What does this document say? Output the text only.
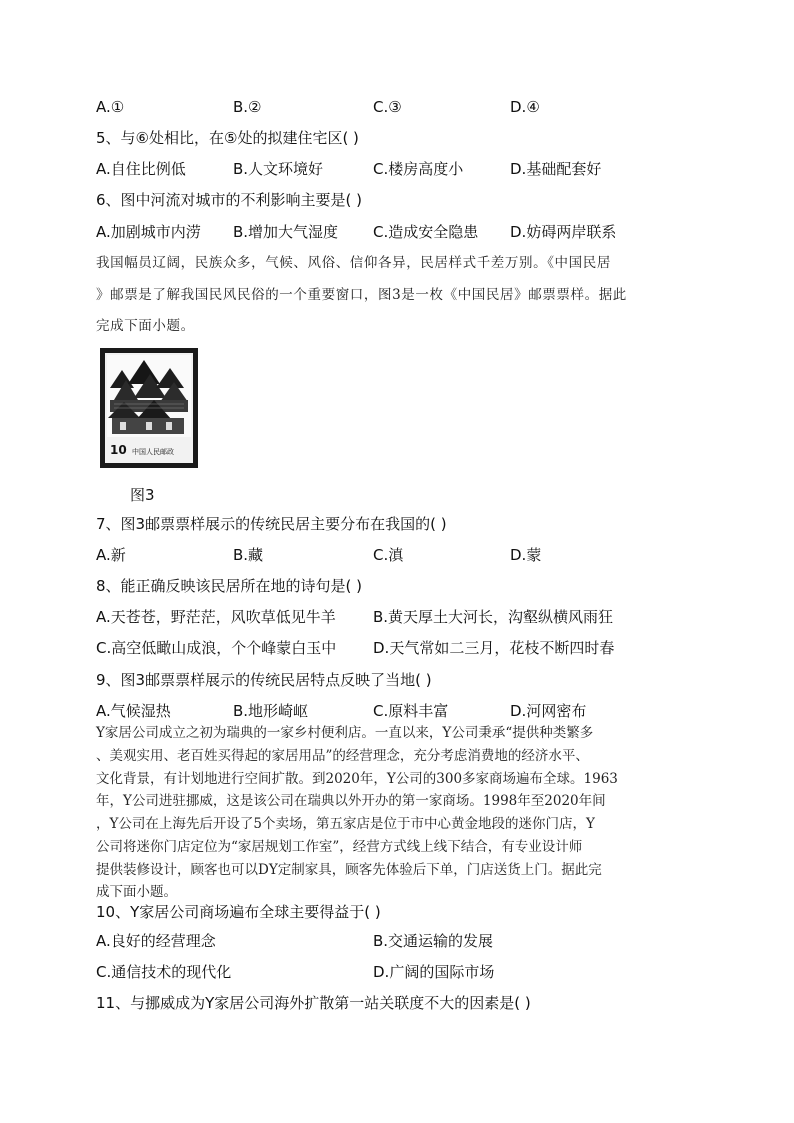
A.①	B.②	C.③	D.④
5、与⑥处相比，在⑤处的拟建住宅区( )
A.自住比例低	B.人文环境好	C.楼房高度小	D.基础配套好
6、图中河流对城市的不利影响主要是( )
A.加剧城市内涝 B.增加大气湿度 C.造成安全隐患 D.妨碍两岸联系
我国幅员辽阔，民族众多，气候、风俗、信仰各异，民居样式千差万别。《中国民居
》邮票是了解我国民风民俗的一个重要窗口，图3是一枚《中国民居》邮票票样。据此
完成下面小题。
10 中国人民邮政
图3
7、图3邮票票样展示的传统民居主要分布在我国的( )
A.新	B.藏	C.滇	D.蒙
8、能正确反映该民居所在地的诗句是( )
A.天苍苍，野茫茫，风吹草低见牛羊 B.黄天厚土大河长，沟壑纵横风雨狂
C.高空低瞰山成浪，个个峰蒙白玉中 D.天气常如二三月，花枝不断四时春
9、图3邮票票样展示的传统民居特点反映了当地( )
A.气候湿热	B.地形崎岖	C.原料丰富	D.河网密布
Y家居公司成立之初为瑞典的一家乡村便利店。一直以来，Y公司秉承“提供种类繁多
、美观实用、老百姓买得起的家居用品”的经营理念，充分考虑消费地的经济水平、
文化背景，有计划地进行空间扩散。到2020年，Y公司的300多家商场遍布全球。1963
年，Y公司进驻挪威，这是该公司在瑞典以外开办的第一家商场。1998年至2020年间
，Y公司在上海先后开设了5个卖场，第五家店是位于市中心黄金地段的迷你门店，Y
公司将迷你门店定位为“家居规划工作室”，经营方式线上线下结合，有专业设计师
提供装修设计，顾客也可以DY定制家具，顾客先体验后下单，门店送货上门。据此完
成下面小题。
10、Y家居公司商场遍布全球主要得益于( )
A.良好的经营理念	B.交通运输的发展
C.通信技术的现代化	D.广阔的国际市场
11、与挪威成为Y家居公司海外扩散第一站关联度不大的因素是( )
